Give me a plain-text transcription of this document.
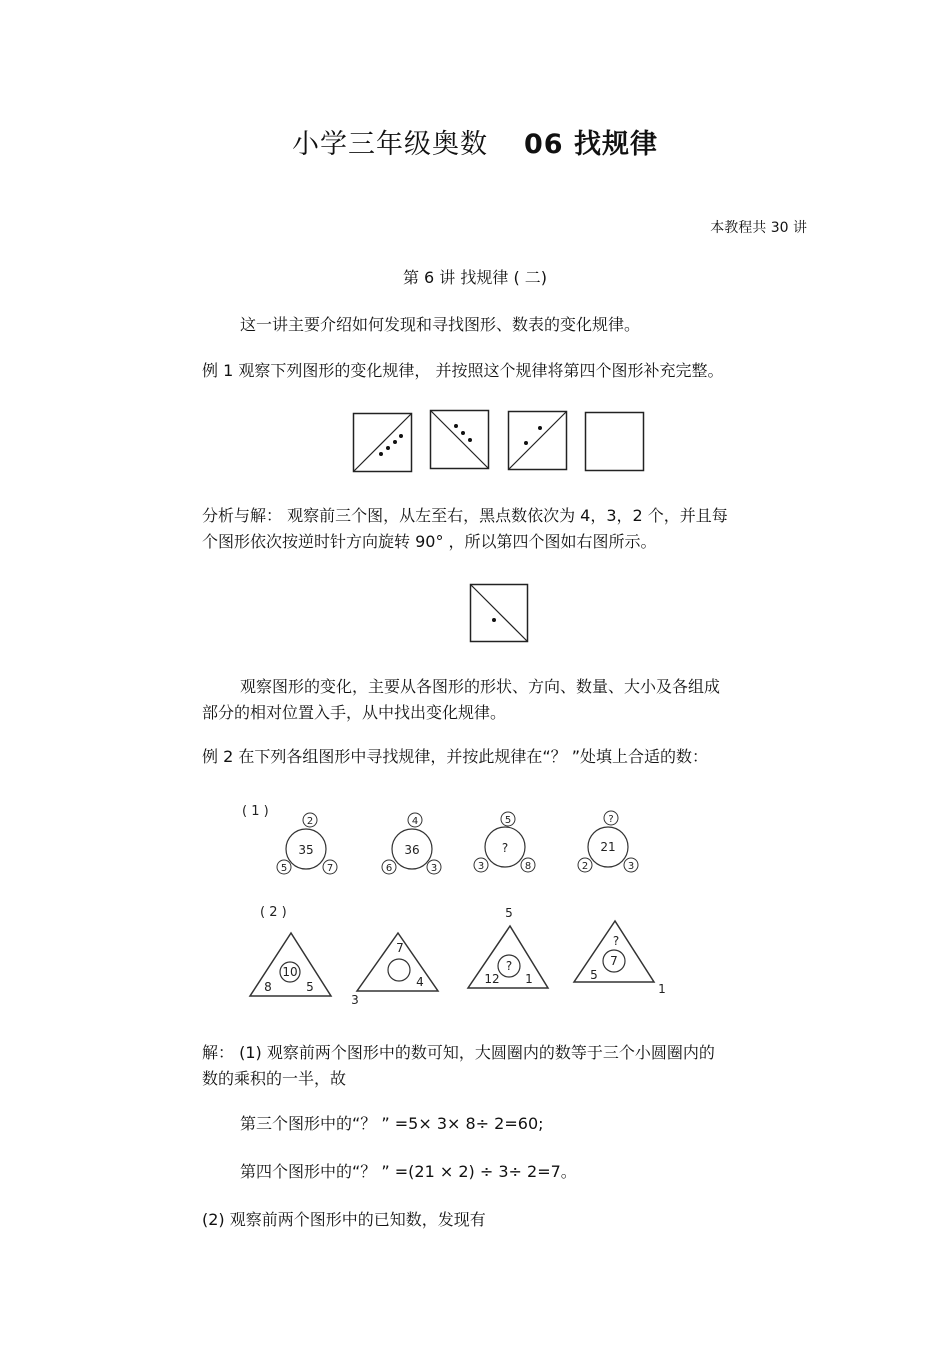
小学三年级奥数 06 找规律
本教程共 30 讲
第 6 讲 找规律 ( 二)
这一讲主要介绍如何发现和寻找图形、数表的变化规律。
例 1 观察下列图形的变化规律， 并按照这个规律将第四个图形补充完整。
分析与解： 观察前三个图，从左至右，黑点数依次为 4，3，2 个，并且每
个图形依次按逆时针方向旋转 90° ，所以第四个图如右图所示。
观察图形的变化，主要从各图形的形状、方向、数量、大小及各组成
部分的相对位置入手，从中找出变化规律。
例 2 在下列各组图形中寻找规律，并按此规律在“？ ”处填上合适的数：
( 1 )
35
2
5	7
36
4
6	3
?
5
3	8
21
?
2	3
( 2 )
10
8	5
7
3
4
5
?
12 1
?
7
5
1
解： (1) 观察前两个图形中的数可知，大圆圈内的数等于三个小圆圈内的
数的乘积的一半，故
第三个图形中的“？ ” =5× 3× 8÷ 2=60;
第四个图形中的“？ ” =(21 × 2) ÷ 3÷ 2=7。
(2) 观察前两个图形中的已知数，发现有
